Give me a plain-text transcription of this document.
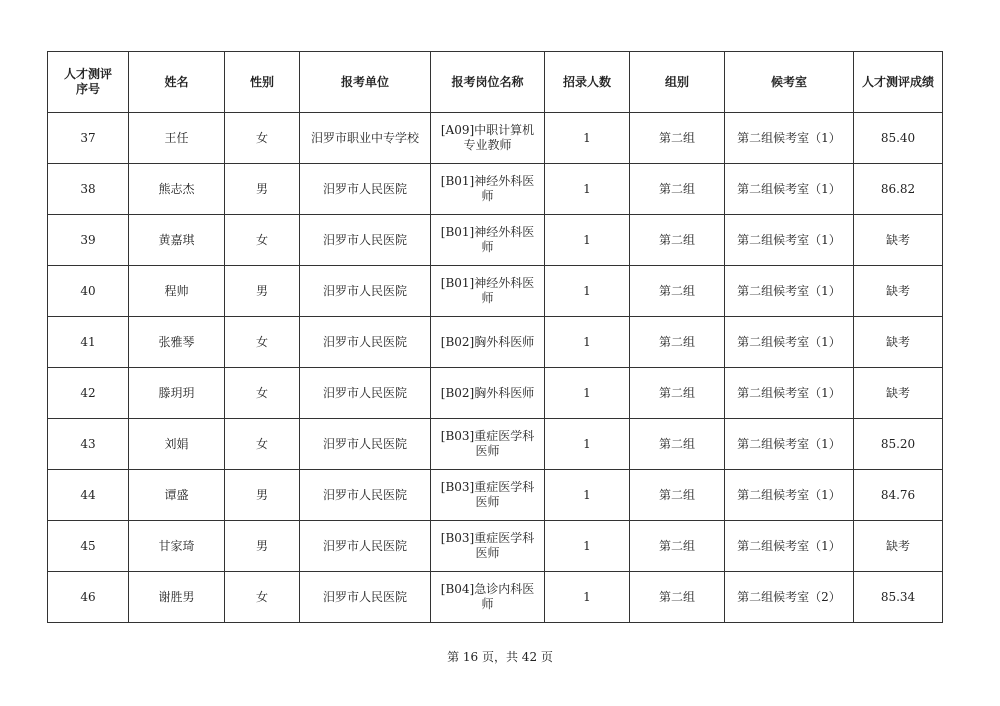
人才测评序号	姓名	性别	报考单位	报考岗位名称	招录人数	组别	候考室	人才测评成绩
37	王任	女	汨罗市职业中专学校	[A09]中职计算机专业教师	1	第二组	第二组候考室（1）	85.40
38	熊志杰	男	汨罗市人民医院	[B01]神经外科医师	1	第二组	第二组候考室（1）	86.82
39	黄嘉琪	女	汨罗市人民医院	[B01]神经外科医师	1	第二组	第二组候考室（1）	缺考
40	程帅	男	汨罗市人民医院	[B01]神经外科医师	1	第二组	第二组候考室（1）	缺考
41	张雅琴	女	汨罗市人民医院	[B02]胸外科医师	1	第二组	第二组候考室（1）	缺考
42	滕玥玥	女	汨罗市人民医院	[B02]胸外科医师	1	第二组	第二组候考室（1）	缺考
43	刘娟	女	汨罗市人民医院	[B03]重症医学科医师	1	第二组	第二组候考室（1）	85.20
44	谭盛	男	汨罗市人民医院	[B03]重症医学科医师	1	第二组	第二组候考室（1）	84.76
45	甘家琦	男	汨罗市人民医院	[B03]重症医学科医师	1	第二组	第二组候考室（1）	缺考
46	谢胜男	女	汨罗市人民医院	[B04]急诊内科医师	1	第二组	第二组候考室（2）	85.34
第 16 页，共 42 页
